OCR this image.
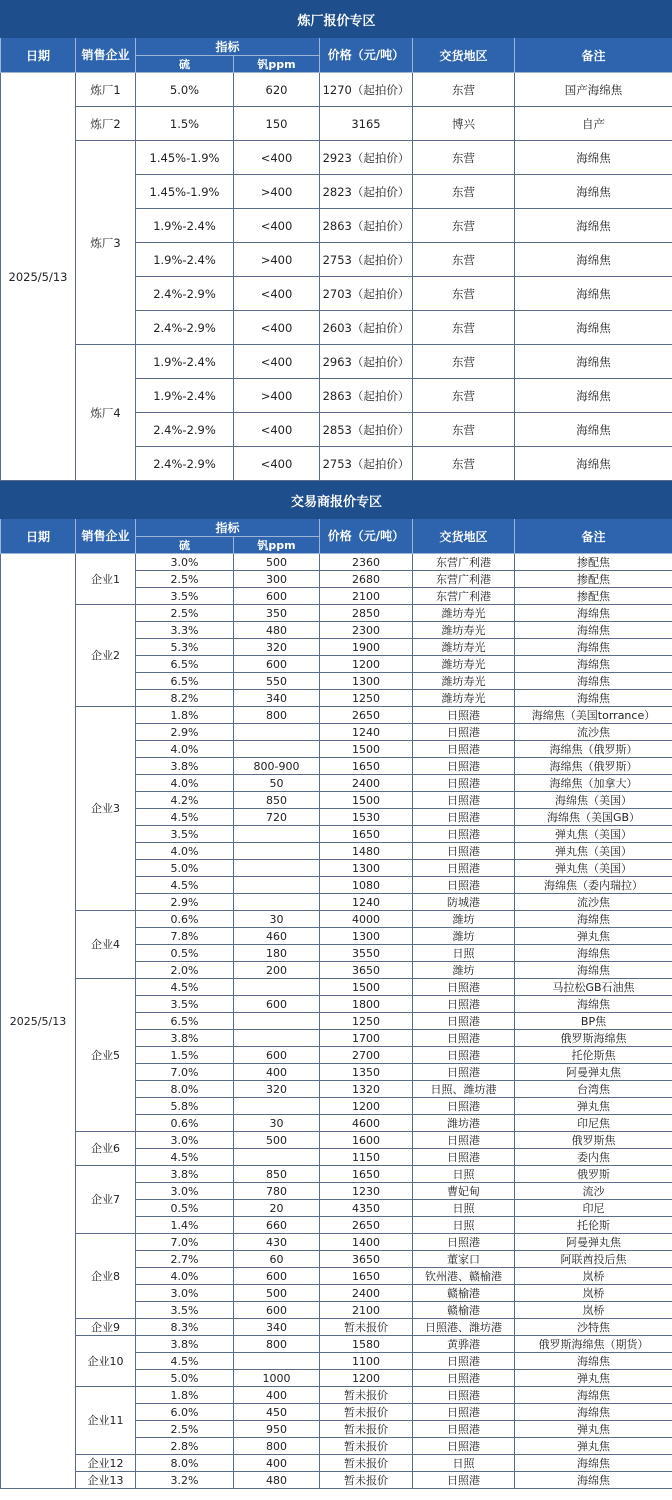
炼厂报价专区						
日期	销售企业	指标		价格（元/吨）	交货地区	备注
		硫	钒ppm			
2025/5/13	炼厂1	5.0%	620	1270（起拍价）	东营	国产海绵焦
	炼厂2	1.5%	150	3165	博兴	自产
	炼厂3	1.45%-1.9%	<400	2923（起拍价）	东营	海绵焦
		1.45%-1.9%	>400	2823（起拍价）	东营	海绵焦
		1.9%-2.4%	<400	2863（起拍价）	东营	海绵焦
		1.9%-2.4%	>400	2753（起拍价）	东营	海绵焦
		2.4%-2.9%	<400	2703（起拍价）	东营	海绵焦
		2.4%-2.9%	<400	2603（起拍价）	东营	海绵焦
	炼厂4	1.9%-2.4%	<400	2963（起拍价）	东营	海绵焦
		1.9%-2.4%	>400	2863（起拍价）	东营	海绵焦
		2.4%-2.9%	<400	2853（起拍价）	东营	海绵焦
		2.4%-2.9%	<400	2753（起拍价）	东营	海绵焦
交易商报价专区						
日期	销售企业	指标		价格（元/吨）	交货地区	备注
		硫	钒ppm			
2025/5/13	企业1	3.0%	500	2360	东营广利港	掺配焦
		2.5%	300	2680	东营广利港	掺配焦
		3.5%	600	2100	东营广利港	掺配焦
	企业2	2.5%	350	2850	潍坊寿光	海绵焦
		3.3%	480	2300	潍坊寿光	海绵焦
		5.3%	320	1900	潍坊寿光	海绵焦
		6.5%	600	1200	潍坊寿光	海绵焦
		6.5%	550	1300	潍坊寿光	海绵焦
		8.2%	340	1250	潍坊寿光	海绵焦
	企业3	1.8%	800	2650	日照港	海绵焦（美国torrance）
		2.9%		1240	日照港	流沙焦
		4.0%		1500	日照港	海绵焦（俄罗斯）
		3.8%	800-900	1650	日照港	海绵焦（俄罗斯）
		4.0%	50	2400	日照港	海绵焦（加拿大）
		4.2%	850	1500	日照港	海绵焦（美国）
		4.5%	720	1530	日照港	海绵焦（美国GB）
		3.5%		1650	日照港	弹丸焦（美国）
		4.0%		1480	日照港	弹丸焦（美国）
		5.0%		1300	日照港	弹丸焦（美国）
		4.5%		1080	日照港	海绵焦（委内瑞拉）
		2.9%		1240	防城港	流沙焦
	企业4	0.6%	30	4000	潍坊	海绵焦
		7.8%	460	1300	潍坊	弹丸焦
		0.5%	180	3550	日照	海绵焦
		2.0%	200	3650	潍坊	海绵焦
	企业5	4.5%		1500	日照港	马拉松GB石油焦
		3.5%	600	1800	日照港	海绵焦
		6.5%		1250	日照港	BP焦
		3.8%		1700	日照港	俄罗斯海绵焦
		1.5%	600	2700	日照港	托伦斯焦
		7.0%	400	1350	日照港	阿曼弹丸焦
		8.0%	320	1320	日照、潍坊港	台湾焦
		5.8%		1200	日照港	弹丸焦
		0.6%	30	4600	潍坊港	印尼焦
	企业6	3.0%	500	1600	日照港	俄罗斯焦
		4.5%		1150	日照港	委内焦
	企业7	3.8%	850	1650	日照	俄罗斯
		3.0%	780	1230	曹妃甸	流沙
		0.5%	20	4350	日照	印尼
		1.4%	660	2650	日照	托伦斯
	企业8	7.0%	430	1400	日照港	阿曼弹丸焦
		2.7%	60	3650	董家口	阿联酋投后焦
		4.0%	600	1650	钦州港、赣榆港	岚桥
		3.0%	500	2400	赣榆港	岚桥
		3.5%	600	2100	赣榆港	岚桥
	企业9	8.3%	340	暂未报价	日照港、潍坊港	沙特焦
	企业10	3.8%	800	1580	黄骅港	俄罗斯海绵焦（期货）
		4.5%		1100	日照港	海绵焦
		5.0%	1000	1200	日照港	弹丸焦
	企业11	1.8%	400	暂未报价	日照港	海绵焦
		6.0%	450	暂未报价	日照港	海绵焦
		2.5%	950	暂未报价	日照港	弹丸焦
		2.8%	800	暂未报价	日照港	弹丸焦
	企业12	8.0%	400	暂未报价	日照	海绵焦
	企业13	3.2%	480	暂未报价	日照港	海绵焦
